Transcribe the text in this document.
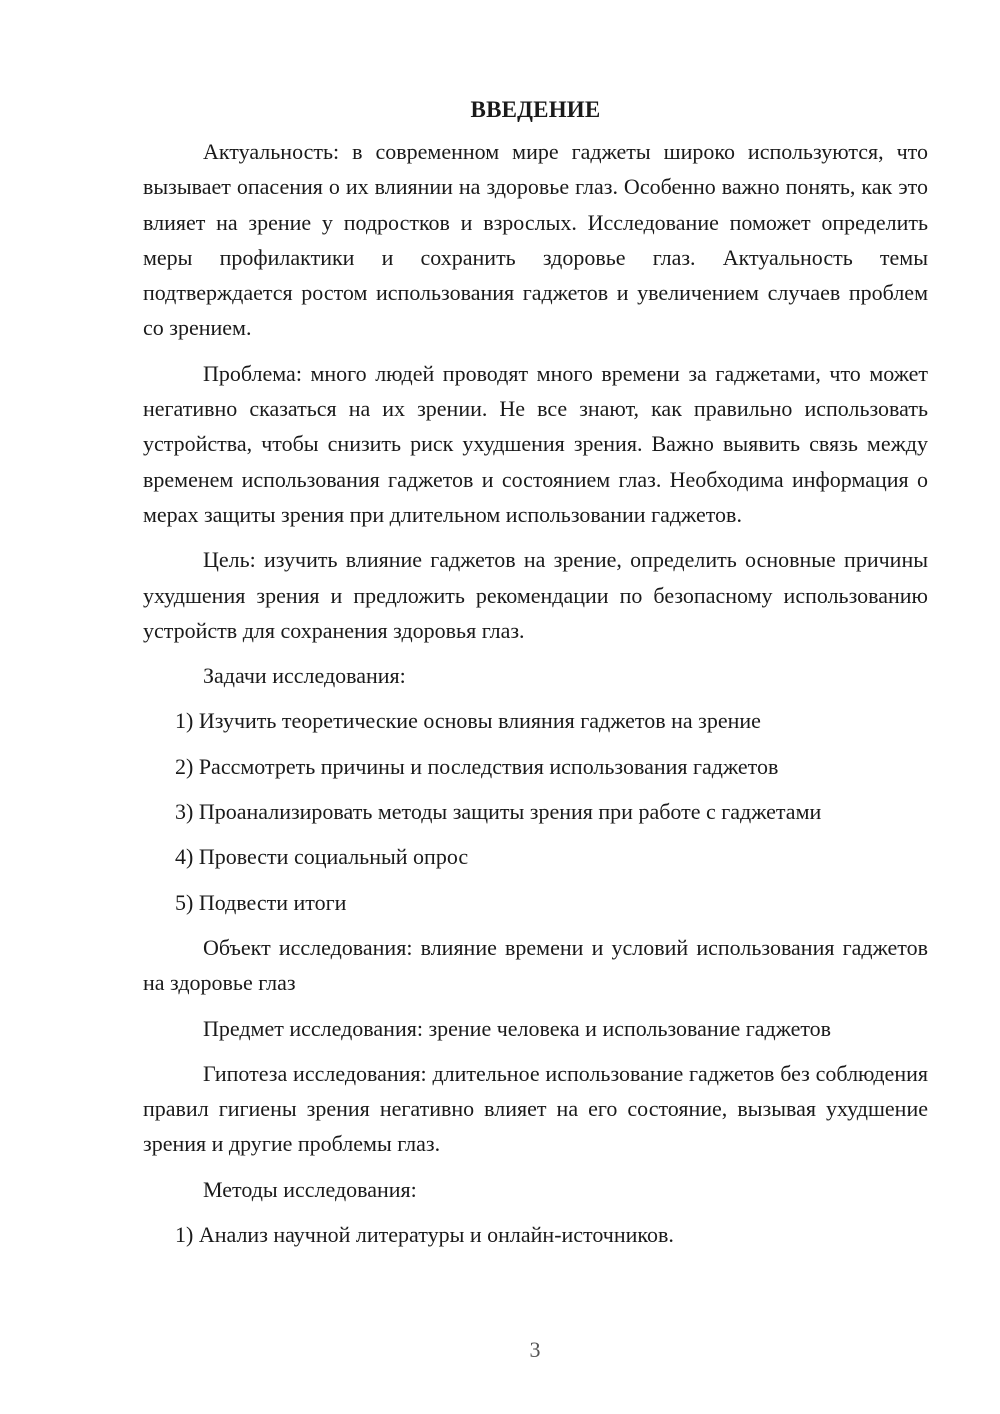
ВВЕДЕНИЕ

Актуальность: в современном мире гаджеты широко используются, что вызывает опасения о их влиянии на здоровье глаз. Особенно важно понять, как это влияет на зрение у подростков и взрослых. Исследование поможет определить меры профилактики и сохранить здоровье глаз. Актуальность темы подтверждается ростом использования гаджетов и увеличением случаев проблем со зрением.

Проблема: много людей проводят много времени за гаджетами, что может негативно сказаться на их зрении. Не все знают, как правильно использовать устройства, чтобы снизить риск ухудшения зрения. Важно выявить связь между временем использования гаджетов и состоянием глаз. Необходима информация о мерах защиты зрения при длительном использовании гаджетов.

Цель: изучить влияние гаджетов на зрение, определить основные причины ухудшения зрения и предложить рекомендации по безопасному использованию устройств для сохранения здоровья глаз.

Задачи исследования:

1) Изучить теоретические основы влияния гаджетов на зрение

2) Рассмотреть причины и последствия использования гаджетов

3) Проанализировать методы защиты зрения при работе с гаджетами

4) Провести социальный опрос

5) Подвести итоги

Объект исследования: влияние времени и условий использования гаджетов на здоровье глаз

Предмет исследования: зрение человека и использование гаджетов

Гипотеза исследования: длительное использование гаджетов без соблюдения правил гигиены зрения негативно влияет на его состояние, вызывая ухудшение зрения и другие проблемы глаз.

Методы исследования:

1) Анализ научной литературы и онлайн-источников.

3
